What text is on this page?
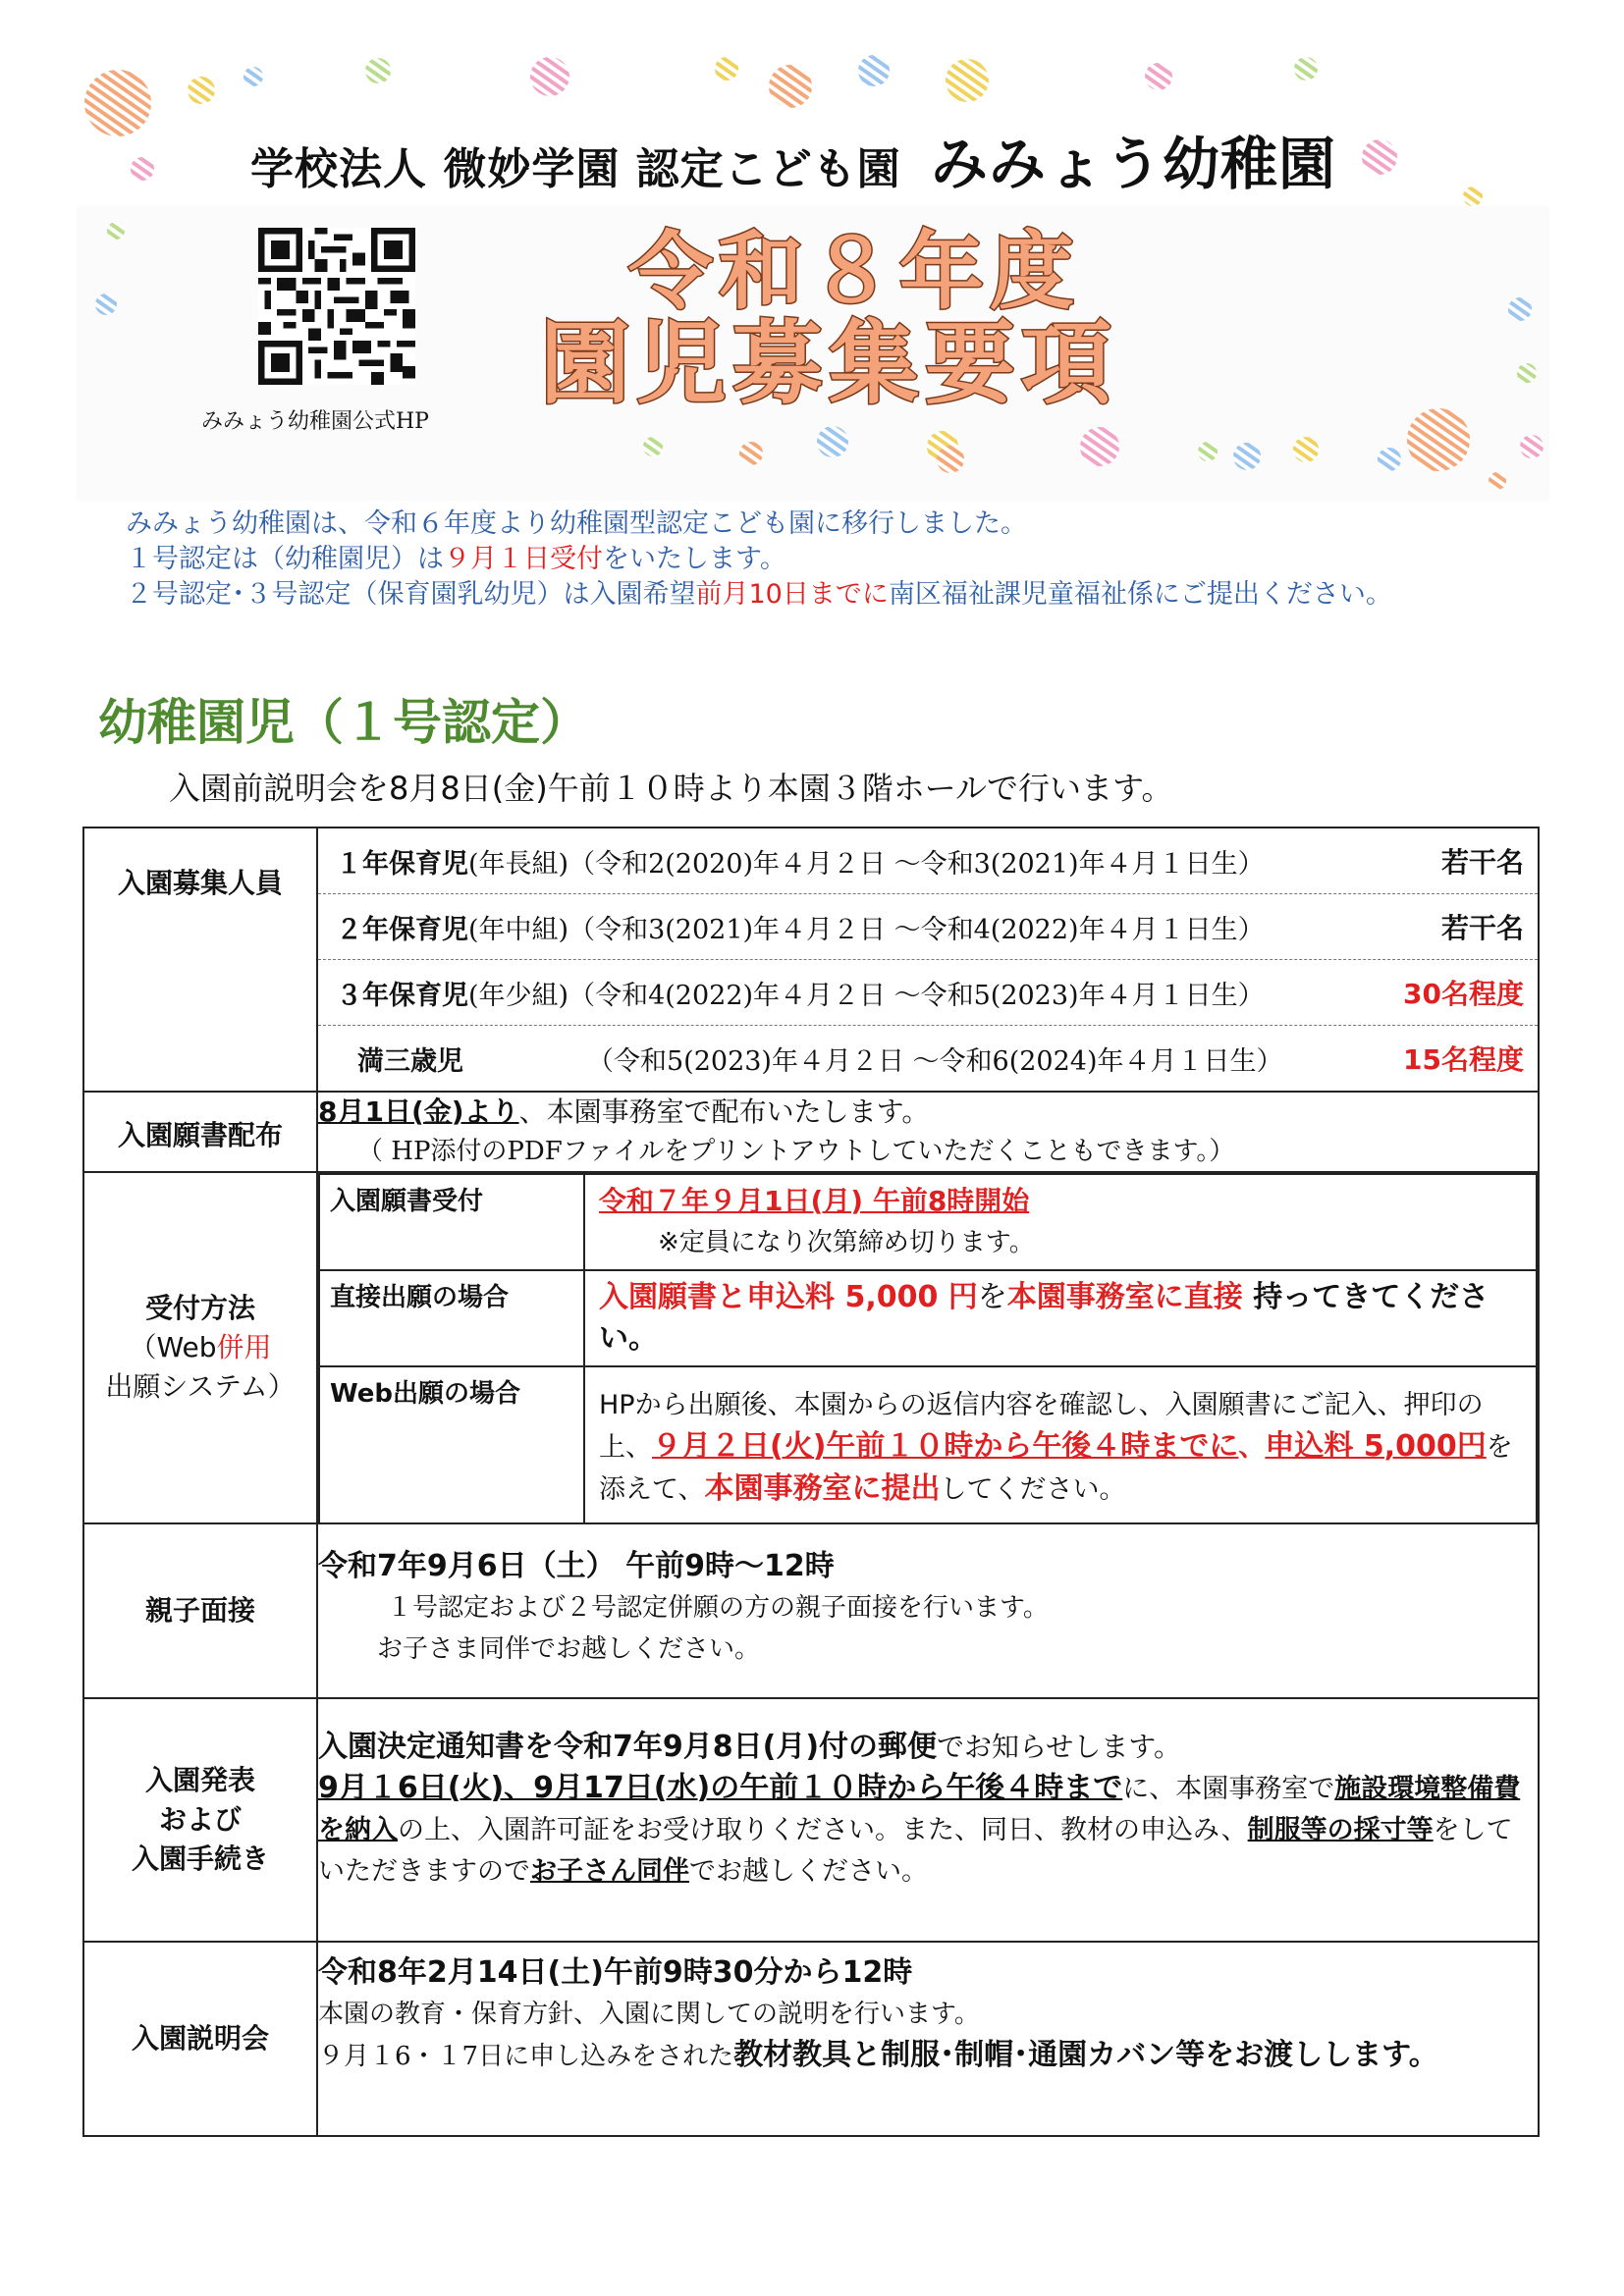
学校法人 微妙学園 認定こども園 みみょう幼稚園
みみょう幼稚園公式HP
令和８年度
園児募集要項
みみょう幼稚園は、令和６年度より幼稚園型認定こども園に移行しました。
１号認定は（幼稚園児）は９月１日受付をいたします。
２号認定･３号認定（保育園乳幼児）は入園希望前月10日までに南区福祉課児童福祉係にご提出ください。
幼稚園児（１号認定）
入園前説明会を8月8日(金)午前１０時より本園３階ホールで行います。
入園募集人員	
１年保育児 (年長組) （令和2(2020)年４月２日 ～令和3(2021)年４月１日生）	若干名
２年保育児 (年中組) （令和3(2021)年４月２日 ～令和4(2022)年４月１日生）	若干名
３年保育児 (年少組) （令和4(2022)年４月２日 ～令和5(2023)年４月１日生）	30名程度
満三歳児	（令和5(2023)年４月２日 ～令和6(2024)年４月１日生）	15名程度

入園願書配布	
8月1日(金)より、本園事務室で配布いたします。
（ HP添付のPDFファイルをプリントアウトしていただくこともできます。）

受付方法
（Web併用
出願システム）

入園願書受付	令和７年９月1日(月) 午前8時開始
※定員になり次第締め切ります。

直接出願の場合	入園願書と申込料 5,000 円を本園事務室に直接 持ってきてください。
Web出願の場合	HPから出願後、本園からの返信内容を確認し、入園願書にご記入、押印の上、９月２日(火)午前１０時から午後４時までに、申込料 5,000円を添えて、本園事務室に提出してください。

親子面接	
令和7年9月6日（土） 午前9時～12時
１号認定および２号認定併願の方の親子面接を行います。
お子さま同伴でお越しください。

入園発表
および
入園手続き

入園決定通知書を令和7年9月8日(月)付の郵便でお知らせします。
9月１6日(火)、9月17日(水)の午前１０時から午後４時までに、本園事務室で施設環境整備費を納入の上、入園許可証をお受け取りください。また、同日、教材の申込み、制服等の採寸等をしていただきますのでお子さん同伴でお越しください。

入園説明会	
令和8年2月14日(土)午前9時30分から12時
本園の教育・保育方針、入園に関しての説明を行います。
９月１6・１7日に申し込みをされた教材教具と制服･制帽･通園カバン等をお渡しします。
